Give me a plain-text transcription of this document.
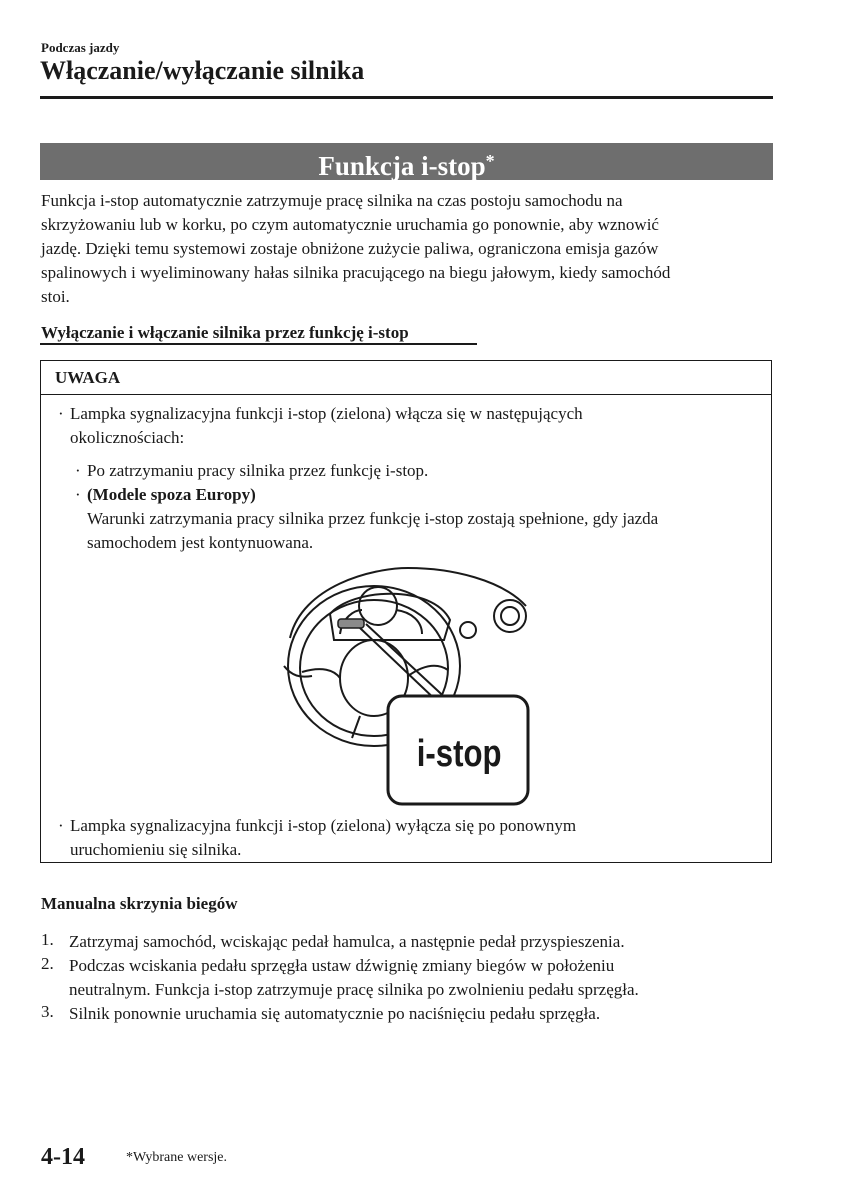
Podczas jazdy
Włączanie/wyłączanie silnika
Funkcja i-stop*

Funkcja i-stop automatycznie zatrzymuje pracę silnika na czas postoju samochodu na
skrzyżowaniu lub w korku, po czym automatycznie uruchamia go ponownie, aby wznowić
jazdę. Dzięki temu systemowi zostaje obniżone zużycie paliwa, ograniczona emisja gazów
spalinowych i wyeliminowany hałas silnika pracującego na biegu jałowym, kiedy samochód
stoi.

Wyłączanie i włączanie silnika przez funkcję i-stop
UWAGA
· Lampka sygnalizacyjna funkcji i-stop (zielona) włącza się w następujących
okolicznościach:
· Po zatrzymaniu pracy silnika przez funkcję i-stop.
· (Modele spoza Europy)
Warunki zatrzymania pracy silnika przez funkcję i-stop zostają spełnione, gdy jazda
samochodem jest kontynuowana.
· Lampka sygnalizacyjna funkcji i-stop (zielona) wyłącza się po ponownym
uruchomieniu się silnika.
i-stop
Manualna skrzynia biegów
1. Zatrzymaj samochód, wciskając pedał hamulca, a następnie pedał przyspieszenia.
2. Podczas wciskania pedału sprzęgła ustaw dźwignię zmiany biegów w położeniu
neutralnym. Funkcja i-stop zatrzymuje pracę silnika po zwolnieniu pedału sprzęgła.
3. Silnik ponownie uruchamia się automatycznie po naciśnięciu pedału sprzęgła.
4-14	*Wybrane wersje.
